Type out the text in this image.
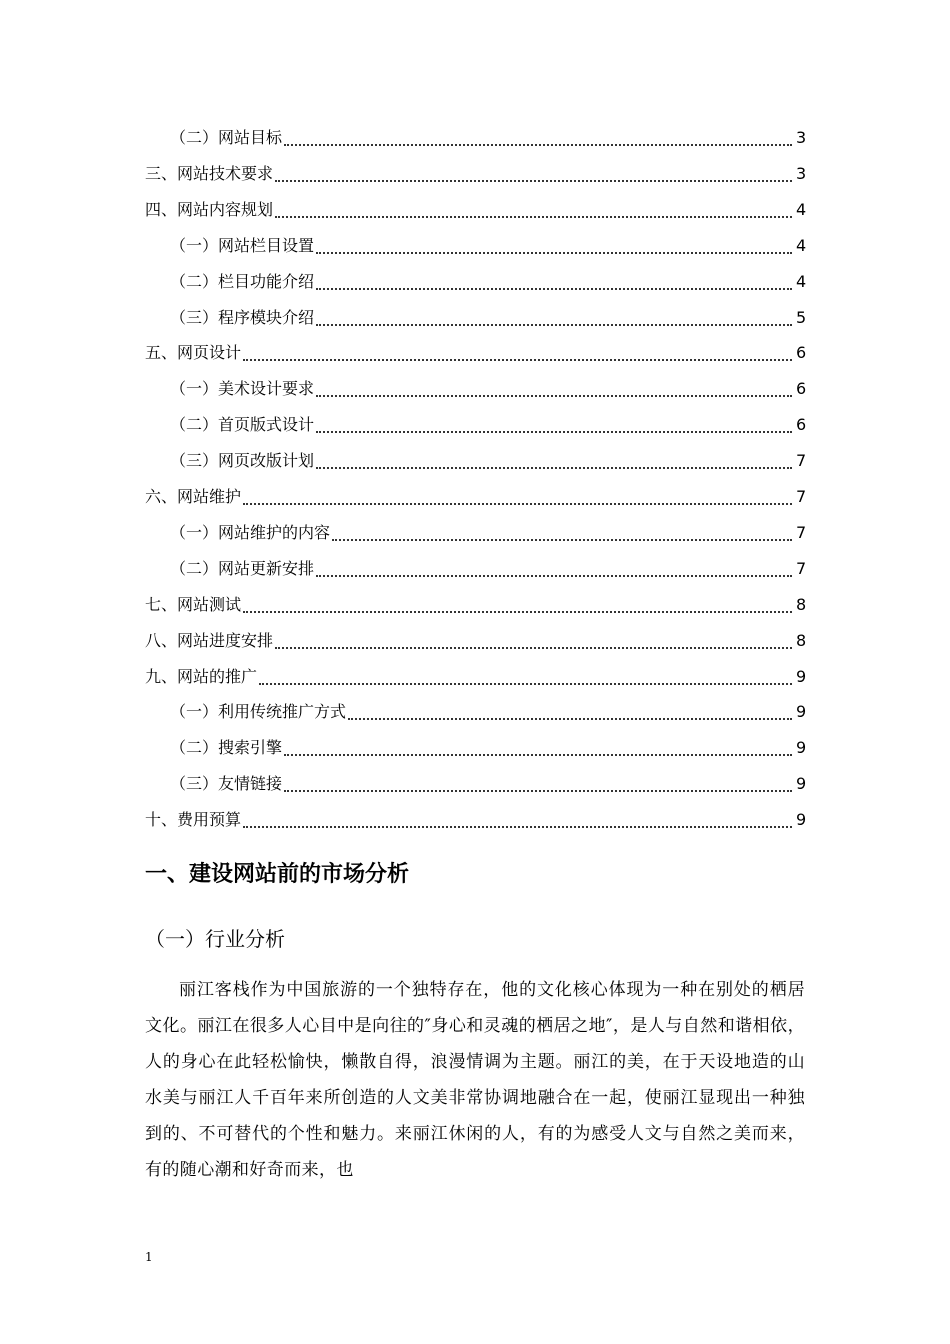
（二）网站目标	3
三、网站技术要求	3
四、网站内容规划	4
（一）网站栏目设置	4
（二）栏目功能介绍	4
（三）程序模块介绍	5
五、网页设计	6
（一）美术设计要求	6
（二）首页版式设计	6
（三）网页改版计划	7
六、网站维护	7
（一）网站维护的内容	7
（二）网站更新安排	7
七、网站测试	8
八、网站进度安排	8
九、网站的推广	9
（一）利用传统推广方式	9
（二）搜索引擎	9
（三）友情链接	9
十、费用预算	9
一、建设网站前的市场分析
（一）行业分析
丽江客栈作为中国旅游的一个独特存在，他的文化核心体现为一种在别处的栖居文化。丽江在很多人心目中是向往的″身心和灵魂的栖居之地″，是人与自然和谐相依，人的身心在此轻松愉快，懒散自得，浪漫情调为主题。丽江的美，在于天设地造的山水美与丽江人千百年来所创造的人文美非常协调地融合在一起，使丽江显现出一种独到的、不可替代的个性和魅力。来丽江休闲的人，有的为感受人文与自然之美而来，有的随心潮和好奇而来，也
1
